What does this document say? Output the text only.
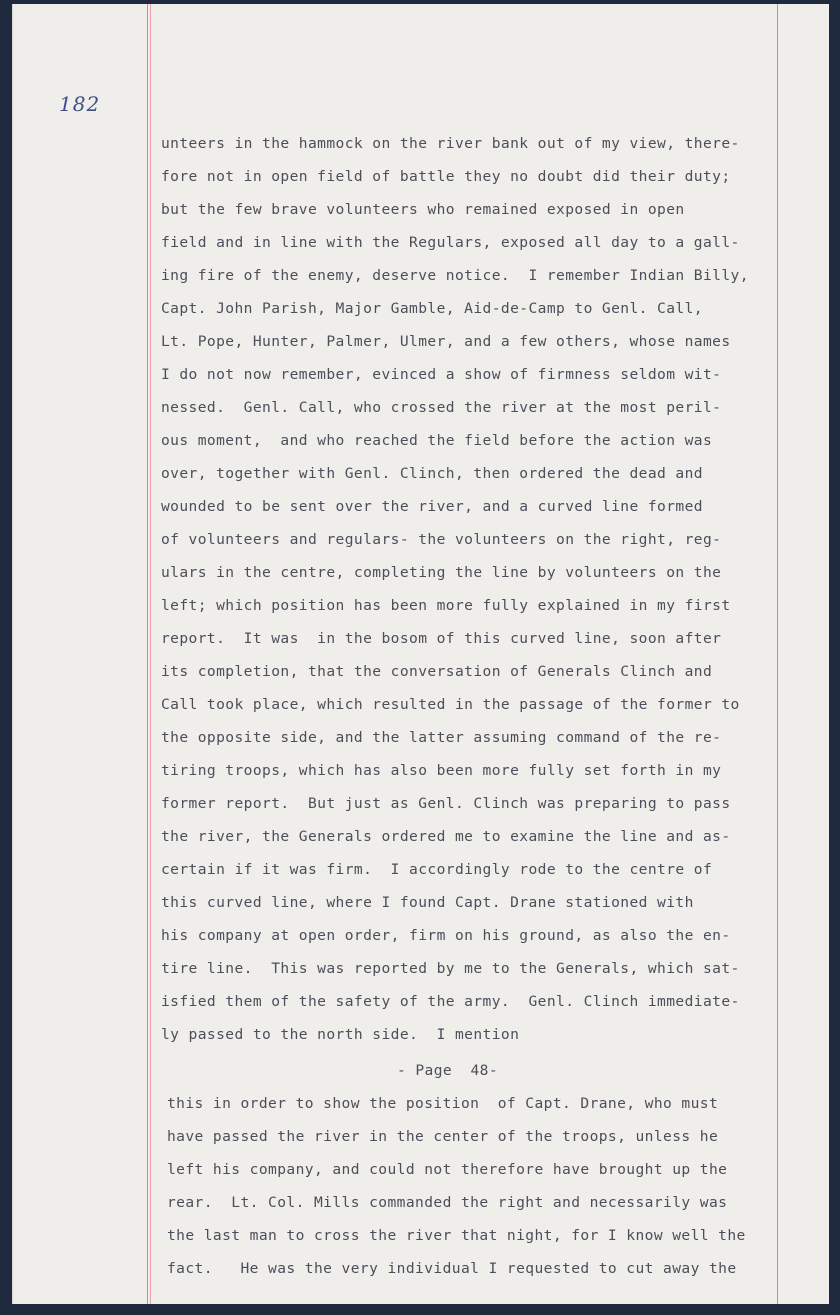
182
unteers in the hammock on the river bank out of my view, there-
fore not in open field of battle they no doubt did their duty;
but the few brave volunteers who remained exposed in open
field and in line with the Regulars, exposed all day to a gall-
ing fire of the enemy, deserve notice.  I remember Indian Billy,
Capt. John Parish, Major Gamble, Aid-de-Camp to Genl. Call,
Lt. Pope, Hunter, Palmer, Ulmer, and a few others, whose names
I do not now remember, evinced a show of firmness seldom wit-
nessed.  Genl. Call, who crossed the river at the most peril-
ous moment,  and who reached the field before the action was
over, together with Genl. Clinch, then ordered the dead and
wounded to be sent over the river, and a curved line formed
of volunteers and regulars- the volunteers on the right, reg-
ulars in the centre, completing the line by volunteers on the
left; which position has been more fully explained in my first
report.  It was  in the bosom of this curved line, soon after
its completion, that the conversation of Generals Clinch and
Call took place, which resulted in the passage of the former to
the opposite side, and the latter assuming command of the re-
tiring troops, which has also been more fully set forth in my
former report.  But just as Genl. Clinch was preparing to pass
the river, the Generals ordered me to examine the line and as-
certain if it was firm.  I accordingly rode to the centre of
this curved line, where I found Capt. Drane stationed with
his company at open order, firm on his ground, as also the en-
tire line.  This was reported by me to the Generals, which sat-
isfied them of the safety of the army.  Genl. Clinch immediate-
ly passed to the north side.  I mention
- Page  48-
this in order to show the position  of Capt. Drane, who must
have passed the river in the center of the troops, unless he
left his company, and could not therefore have brought up the
rear.  Lt. Col. Mills commanded the right and necessarily was
the last man to cross the river that night, for I know well the
fact.   He was the very individual I requested to cut away the
